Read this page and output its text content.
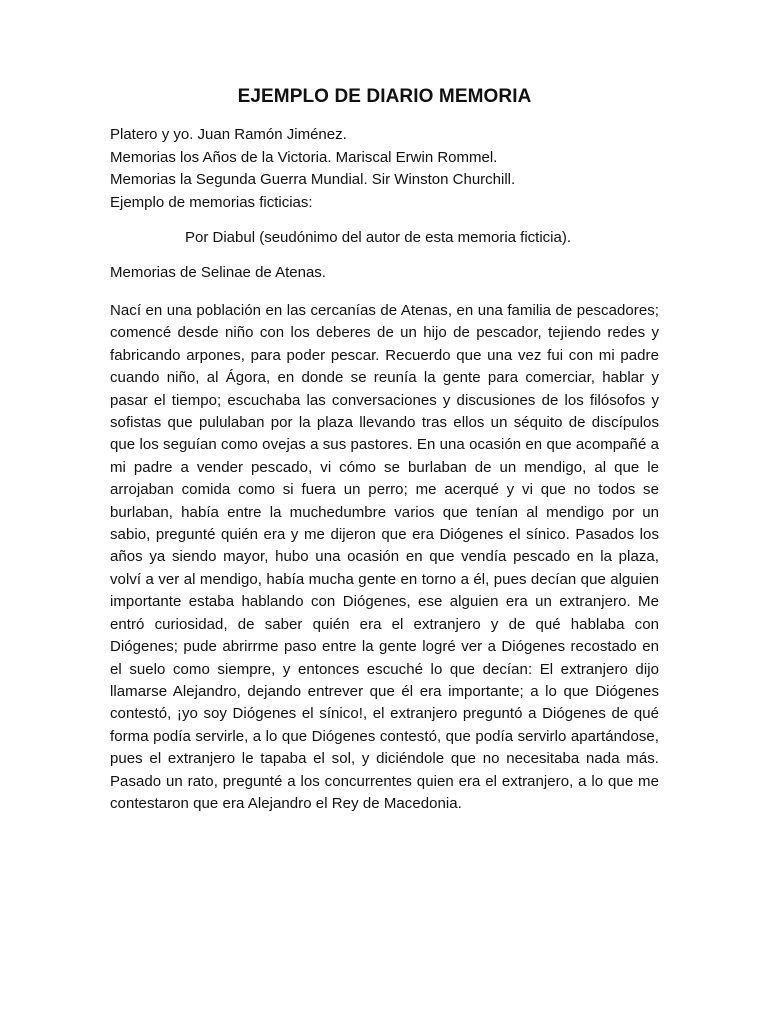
EJEMPLO DE DIARIO MEMORIA
Platero y yo. Juan Ramón Jiménez.
Memorias los Años de la Victoria. Mariscal Erwin Rommel.
Memorias la Segunda Guerra Mundial. Sir Winston Churchill.
Ejemplo de memorias ficticias:

Por Diabul (seudónimo del autor de esta memoria ficticia).

Memorias de Selinae de Atenas.

Nací en una población en las cercanías de Atenas, en una familia de pescadores; comencé desde niño con los deberes de un hijo de pescador, tejiendo redes y fabricando arpones, para poder pescar. Recuerdo que una vez fui con mi padre cuando niño, al Ágora, en donde se reunía la gente para comerciar, hablar y pasar el tiempo; escuchaba las conversaciones y discusiones de los filósofos y sofistas que pululaban por la plaza llevando tras ellos un séquito de discípulos que los seguían como ovejas a sus pastores. En una ocasión en que acompañé a mi padre a vender pescado, vi cómo se burlaban de un mendigo, al que le arrojaban comida como si fuera un perro; me acerqué y vi que no todos se burlaban, había entre la muchedumbre varios que tenían al mendigo por un sabio, pregunté quién era y me dijeron que era Diógenes el sínico. Pasados los años ya siendo mayor, hubo una ocasión en que vendía pescado en la plaza, volví a ver al mendigo, había mucha gente en torno a él, pues decían que alguien importante estaba hablando con Diógenes, ese alguien era un extranjero. Me entró curiosidad, de saber quién era el extranjero y de qué hablaba con Diógenes; pude abrirrme paso entre la gente logré ver a Diógenes recostado en el suelo como siempre, y entonces escuché lo que decían: El extranjero dijo llamarse Alejandro, dejando entrever que él era importante; a lo que Diógenes contestó, ¡yo soy Diógenes el sínico!, el extranjero preguntó a Diógenes de qué forma podía servirle, a lo que Diógenes contestó, que podía servirlo apartándose, pues el extranjero le tapaba el sol, y diciéndole que no necesitaba nada más. Pasado un rato, pregunté a los concurrentes quien era el extranjero, a lo que me contestaron que era Alejandro el Rey de Macedonia.
